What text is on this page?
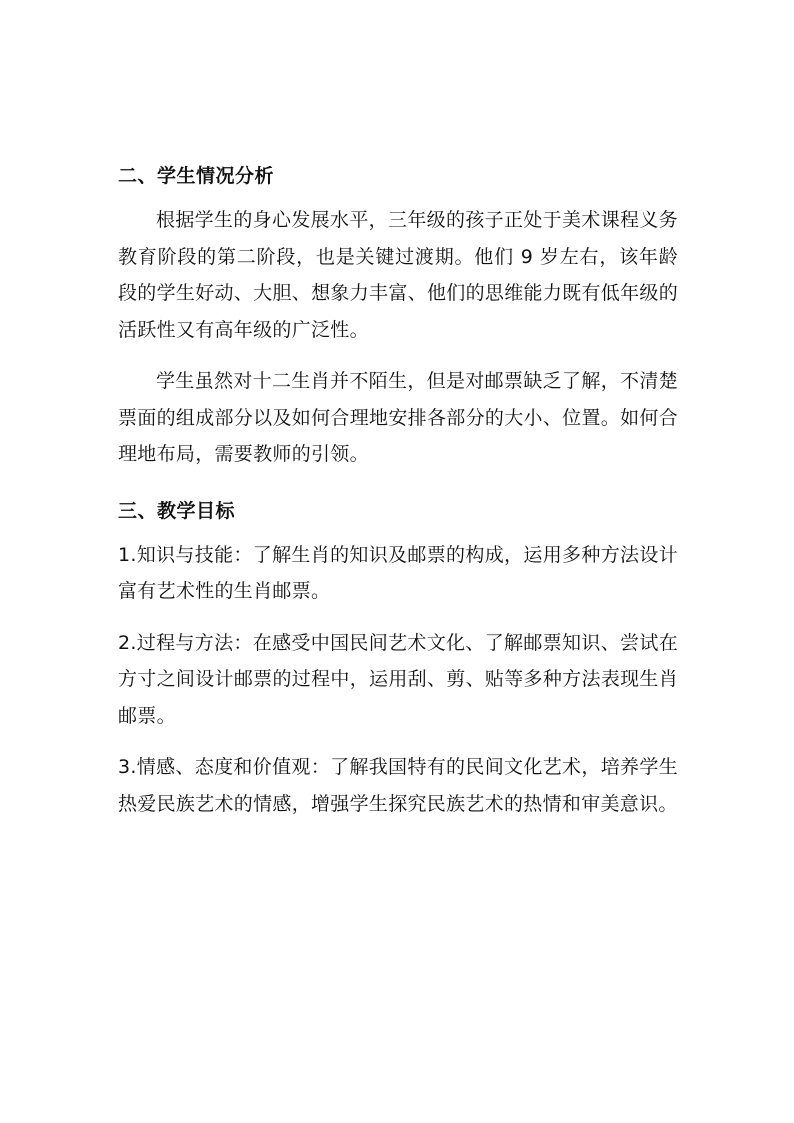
二、学生情况分析

根据学生的身心发展水平，三年级的孩子正处于美术课程义务教育阶段的第二阶段，也是关键过渡期。他们 9 岁左右，该年龄段的学生好动、大胆、想象力丰富、他们的思维能力既有低年级的活跃性又有高年级的广泛性。

学生虽然对十二生肖并不陌生，但是对邮票缺乏了解，不清楚票面的组成部分以及如何合理地安排各部分的大小、位置。如何合理地布局，需要教师的引领。

三、教学目标

1.知识与技能：了解生肖的知识及邮票的构成，运用多种方法设计富有艺术性的生肖邮票。

2.过程与方法：在感受中国民间艺术文化、了解邮票知识、尝试在方寸之间设计邮票的过程中，运用刮、剪、贴等多种方法表现生肖邮票。

3.情感、态度和价值观：了解我国特有的民间文化艺术，培养学生热爱民族艺术的情感，增强学生探究民族艺术的热情和审美意识。
